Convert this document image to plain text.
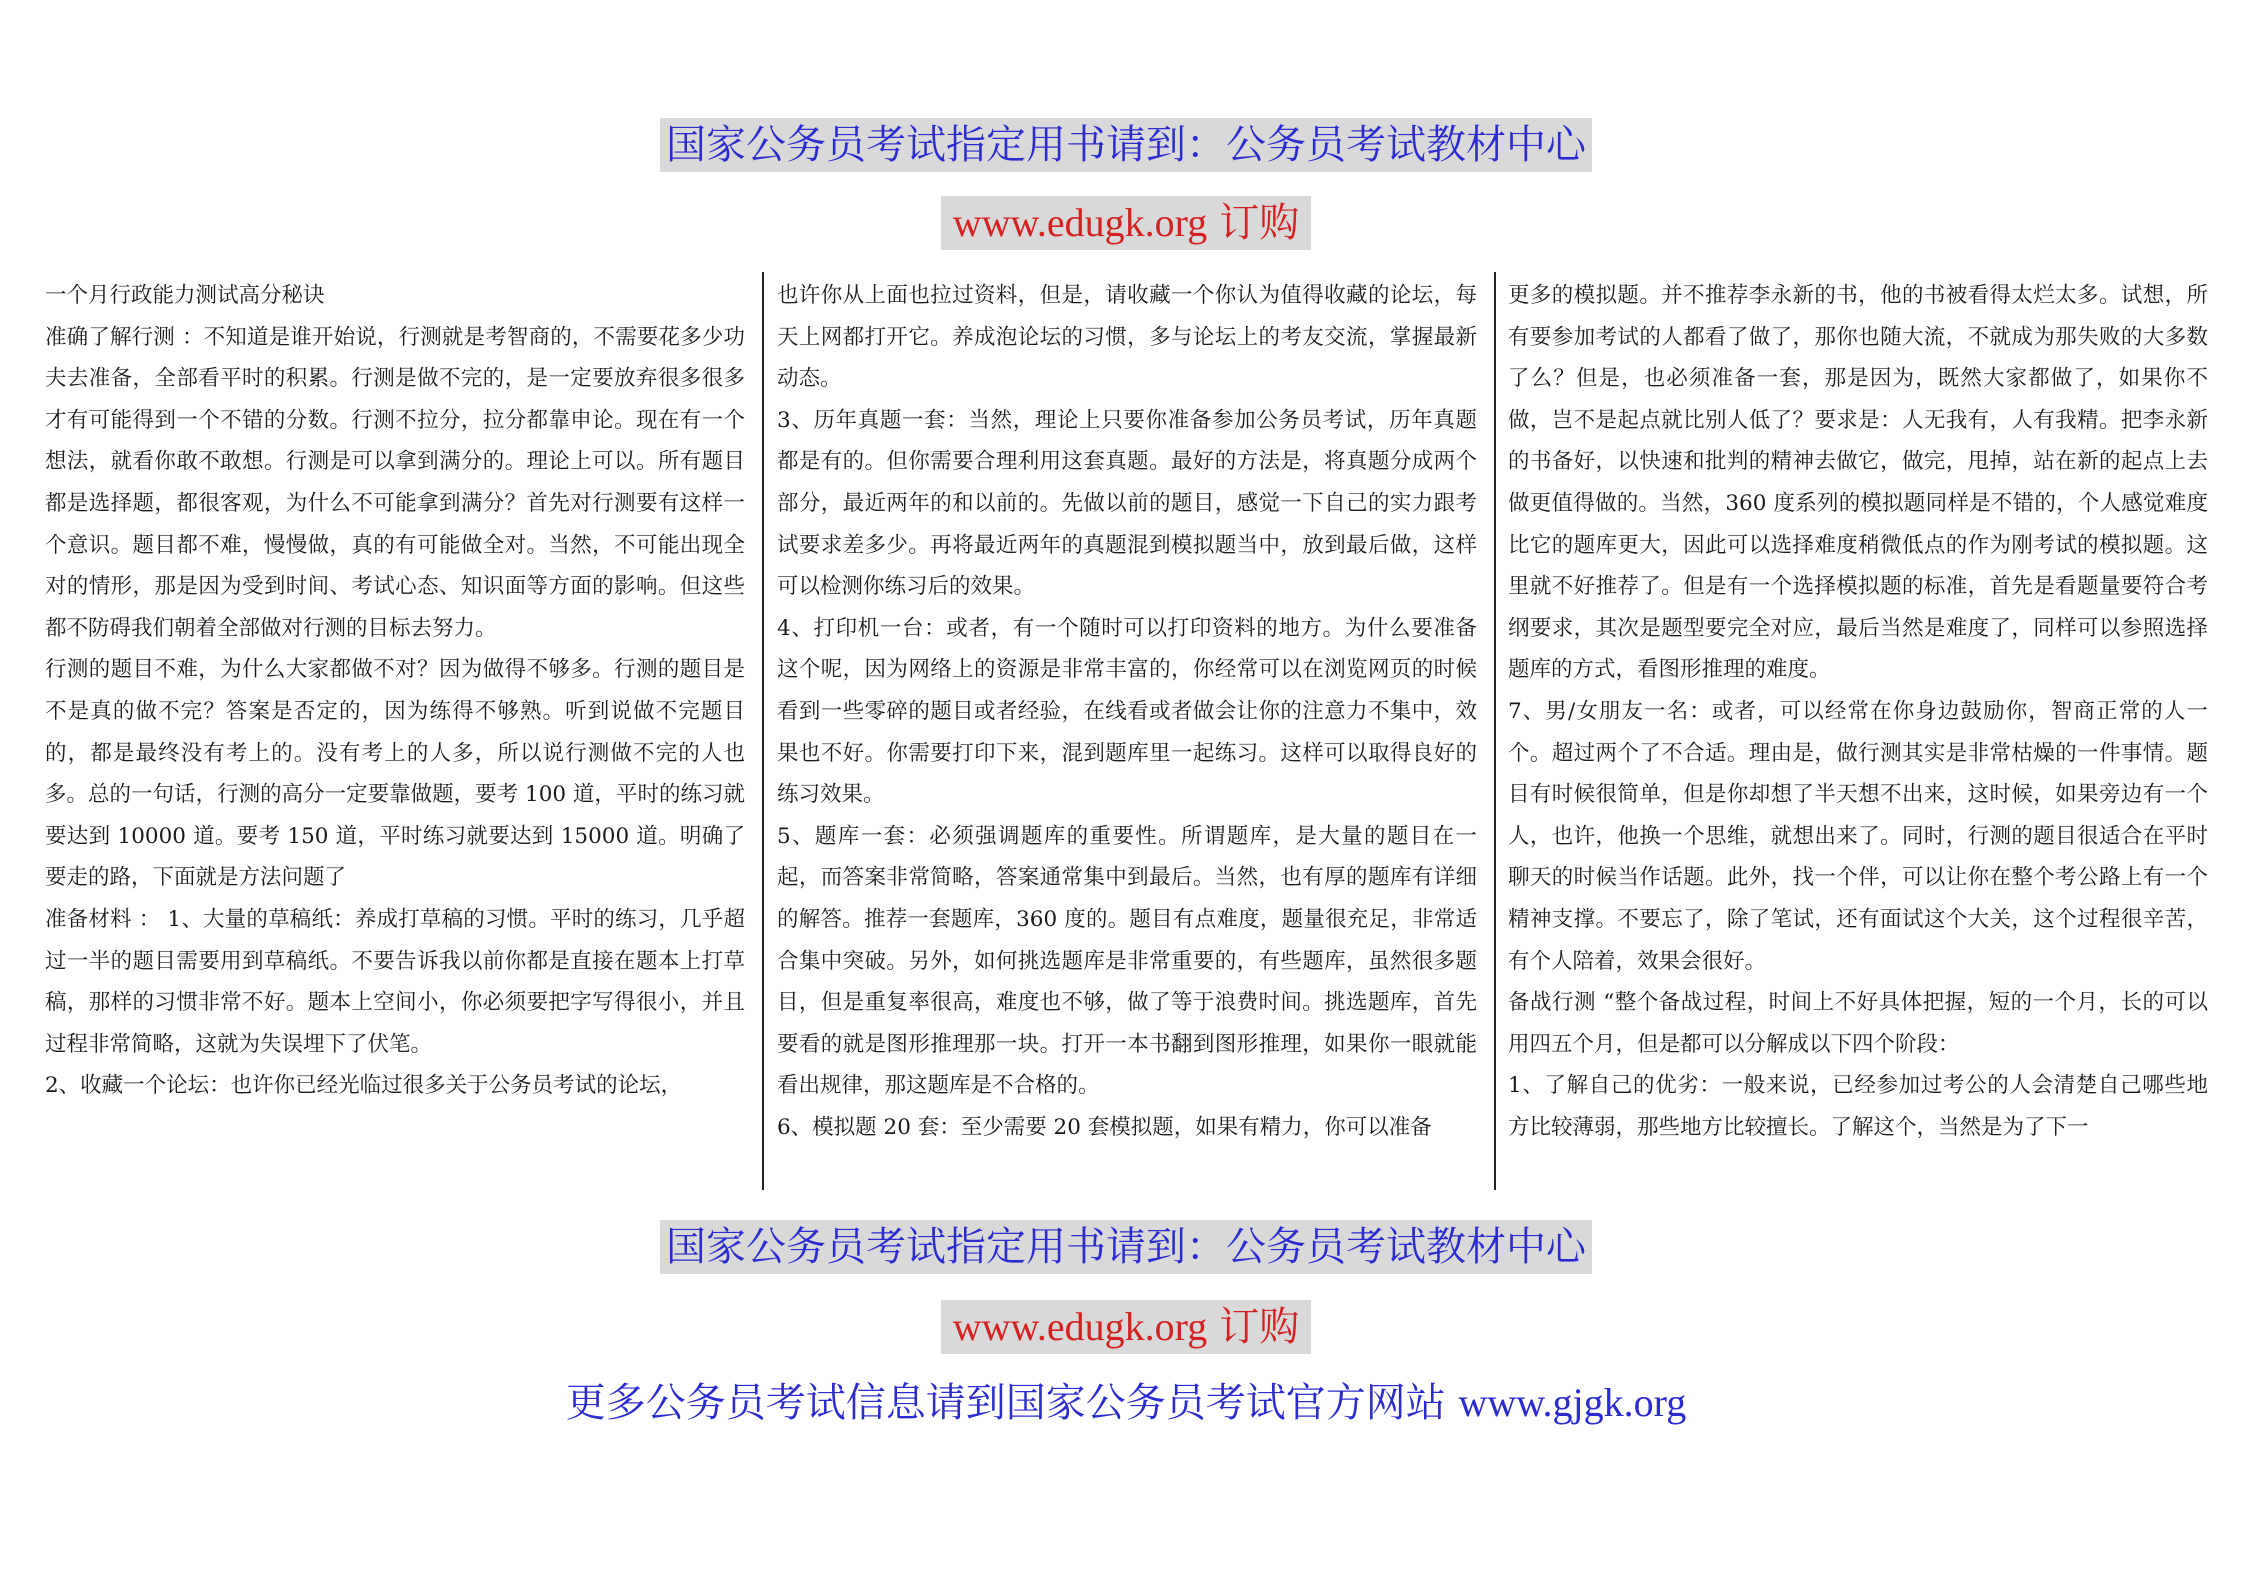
国家公务员考试指定用书请到：公务员考试教材中心
www.edugk.org订购

一个月行政能力测试高分秘诀

准确了解行测 ：不知道是谁开始说，行测就是考智商的，不需要花多少功夫去准备，全部看平时的积累。行测是做不完的，是一定要放弃很多很多才有可能得到一个不错的分数。行测不拉分，拉分都靠申论。现在有一个想法，就看你敢不敢想。行测是可以拿到满分的。理论上可以。所有题目都是选择题，都很客观，为什么不可能拿到满分？首先对行测要有这样一个意识。题目都不难，慢慢做，真的有可能做全对。当然，不可能出现全对的情形，那是因为受到时间、考试心态、知识面等方面的影响。但这些都不防碍我们朝着全部做对行测的目标去努力。

行测的题目不难，为什么大家都做不对？因为做得不够多。行测的题目是不是真的做不完？答案是否定的，因为练得不够熟。听到说做不完题目的，都是最终没有考上的。没有考上的人多，所以说行测做不完的人也多。总的一句话，行测的高分一定要靠做题，要考 100 道，平时的练习就要达到 10000 道。要考 150 道，平时练习就要达到 15000 道。明确了要走的路，下面就是方法问题了

准备材料 ： 1、大量的草稿纸：养成打草稿的习惯。平时的练习，几乎超过一半的题目需要用到草稿纸。不要告诉我以前你都是直接在题本上打草稿，那样的习惯非常不好。题本上空间小，你必须要把字写得很小，并且过程非常简略，这就为失误埋下了伏笔。

2、收藏一个论坛：也许你已经光临过很多关于公务员考试的论坛，

也许你从上面也拉过资料，但是，请收藏一个你认为值得收藏的论坛，每天上网都打开它。养成泡论坛的习惯，多与论坛上的考友交流，掌握最新动态。

3、历年真题一套：当然，理论上只要你准备参加公务员考试，历年真题都是有的。但你需要合理利用这套真题。最好的方法是，将真题分成两个部分，最近两年的和以前的。先做以前的题目，感觉一下自己的实力跟考试要求差多少。再将最近两年的真题混到模拟题当中，放到最后做，这样可以检测你练习后的效果。

4、打印机一台：或者，有一个随时可以打印资料的地方。为什么要准备这个呢，因为网络上的资源是非常丰富的，你经常可以在浏览网页的时候看到一些零碎的题目或者经验，在线看或者做会让你的注意力不集中，效果也不好。你需要打印下来，混到题库里一起练习。这样可以取得良好的练习效果。

5、题库一套：必须强调题库的重要性。所谓题库，是大量的题目在一起，而答案非常简略，答案通常集中到最后。当然，也有厚的题库有详细的解答。推荐一套题库，360 度的。题目有点难度，题量很充足，非常适合集中突破。另外，如何挑选题库是非常重要的，有些题库，虽然很多题目，但是重复率很高，难度也不够，做了等于浪费时间。挑选题库，首先要看的就是图形推理那一块。打开一本书翻到图形推理，如果你一眼就能看出规律，那这题库是不合格的。

6、模拟题 20 套：至少需要 20 套模拟题，如果有精力，你可以准备

更多的模拟题。并不推荐李永新的书，他的书被看得太烂太多。试想，所有要参加考试的人都看了做了，那你也随大流，不就成为那失败的大多数了么？但是，也必须准备一套，那是因为，既然大家都做了，如果你不做，岂不是起点就比别人低了？要求是：人无我有，人有我精。把李永新的书备好，以快速和批判的精神去做它，做完，甩掉，站在新的起点上去做更值得做的。当然，360 度系列的模拟题同样是不错的，个人感觉难度比它的题库更大，因此可以选择难度稍微低点的作为刚考试的模拟题。这里就不好推荐了。但是有一个选择模拟题的标准，首先是看题量要符合考纲要求，其次是题型要完全对应，最后当然是难度了，同样可以参照选择题库的方式，看图形推理的难度。

7、男/女朋友一名：或者，可以经常在你身边鼓励你，智商正常的人一个。超过两个了不合适。理由是，做行测其实是非常枯燥的一件事情。题目有时候很简单，但是你却想了半天想不出来，这时候，如果旁边有一个人，也许，他换一个思维，就想出来了。同时，行测的题目很适合在平时聊天的时候当作话题。此外，找一个伴，可以让你在整个考公路上有一个精神支撑。不要忘了，除了笔试，还有面试这个大关，这个过程很辛苦，有个人陪着，效果会很好。

备战行测 “整个备战过程，时间上不好具体把握，短的一个月，长的可以用四五个月，但是都可以分解成以下四个阶段：

1、了解自己的优劣：一般来说，已经参加过考公的人会清楚自己哪些地方比较薄弱，那些地方比较擅长。了解这个，当然是为了下一

国家公务员考试指定用书请到：公务员考试教材中心
www.edugk.org订购
更多公务员考试信息请到国家公务员考试官方网站 www.gjgk.org
